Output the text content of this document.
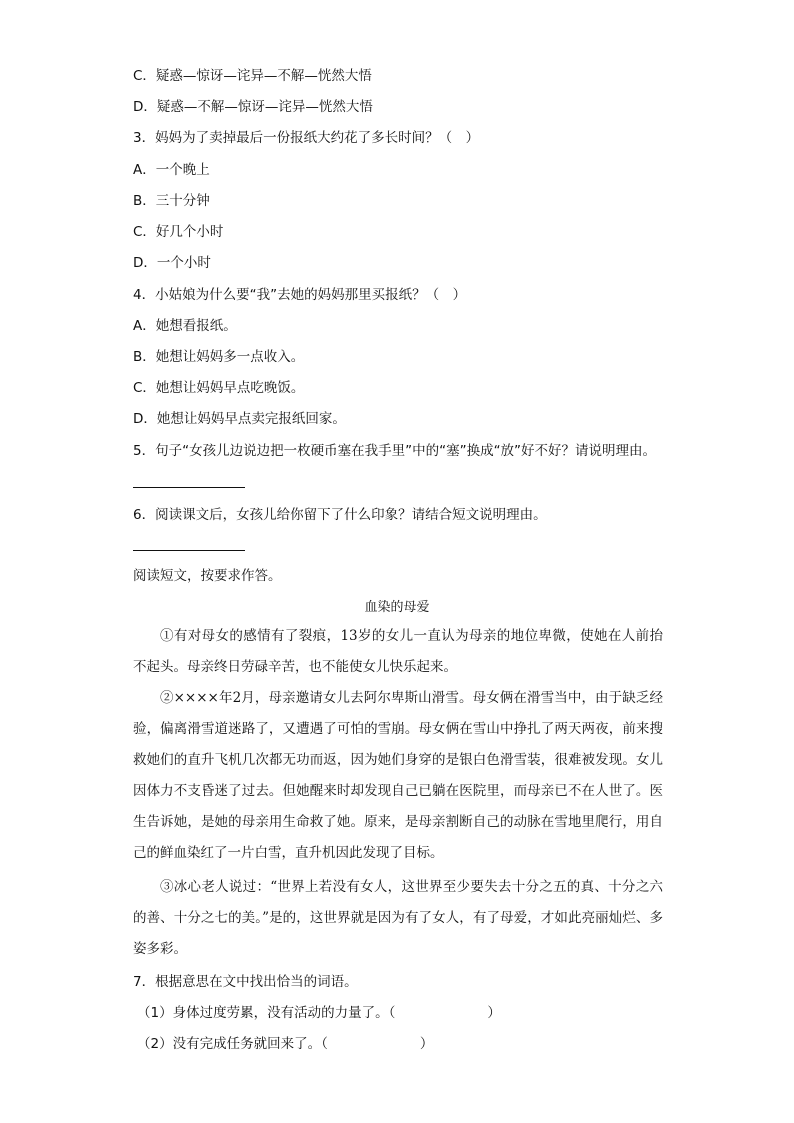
C．疑惑—惊讶—诧异—不解—恍然大悟
D．疑惑—不解—惊讶—诧异—恍然大悟
3．妈妈为了卖掉最后一份报纸大约花了多长时间？（　）
A．一个晚上
B．三十分钟
C．好几个小时
D．一个小时
4．小姑娘为什么要“我”去她的妈妈那里买报纸？（　）
A．她想看报纸。
B．她想让妈妈多一点收入。
C．她想让妈妈早点吃晚饭。
D．她想让妈妈早点卖完报纸回家。
5．句子“女孩儿边说边把一枚硬币塞在我手里”中的“塞”换成“放”好不好？请说明理由。
6．阅读课文后，女孩儿给你留下了什么印象？请结合短文说明理由。
阅读短文，按要求作答。
血染的母爱
①有对母女的感情有了裂痕，13岁的女儿一直认为母亲的地位卑微，使她在人前抬不起头。母亲终日劳碌辛苦，也不能使女儿快乐起来。
②××××年2月，母亲邀请女儿去阿尔卑斯山滑雪。母女俩在滑雪当中，由于缺乏经验，偏离滑雪道迷路了，又遭遇了可怕的雪崩。母女俩在雪山中挣扎了两天两夜，前来搜救她们的直升飞机几次都无功而返，因为她们身穿的是银白色滑雪装，很难被发现。女儿因体力不支昏迷了过去。但她醒来时却发现自己已躺在医院里，而母亲已不在人世了。医生告诉她，是她的母亲用生命救了她。原来，是母亲割断自己的动脉在雪地里爬行，用自己的鲜血染红了一片白雪，直升机因此发现了目标。
③冰心老人说过：“世界上若没有女人，这世界至少要失去十分之五的真、十分之六的善、十分之七的美。”是的，这世界就是因为有了女人，有了母爱，才如此亮丽灿烂、多姿多彩。
7．根据意思在文中找出恰当的词语。
（1）身体过度劳累，没有活动的力量了。（	）
（2）没有完成任务就回来了。（	）
